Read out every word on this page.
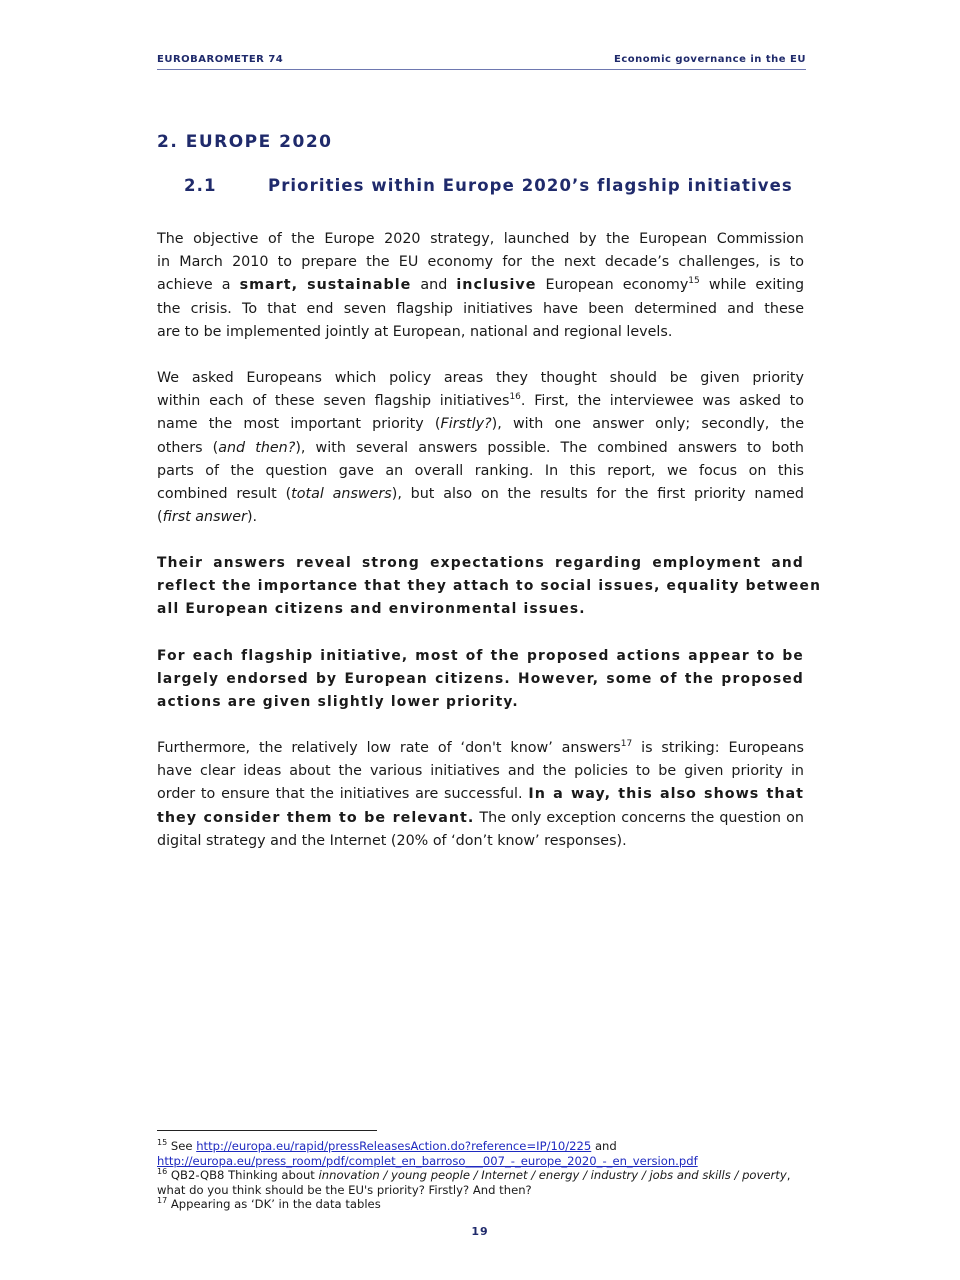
EUROBAROMETER 74	Economic governance in the EU
2. EUROPE 2020
2.1	Priorities within Europe 2020’s flagship initiatives

The objective of the Europe 2020 strategy, launched by the European Commission
in March 2010 to prepare the EU economy for the next decade’s challenges, is to
achieve a smart, sustainable and inclusive European economy$^{15}$ while exiting
the crisis. To that end seven flagship initiatives have been determined and these
are to be implemented jointly at European, national and regional levels.

We asked Europeans which policy areas they thought should be given priority
within each of these seven flagship initiatives$^{16}$. First, the interviewee was asked to
name the most important priority (Firstly?), with one answer only; secondly, the
others (and then?), with several answers possible. The combined answers to both
parts of the question gave an overall ranking. In this report, we focus on this
combined result (total answers), but also on the results for the first priority named
(first answer).

Their answers reveal strong expectations regarding employment and
reflect the importance that they attach to social issues, equality between
all European citizens and environmental issues.

For each flagship initiative, most of the proposed actions appear to be
largely endorsed by European citizens. However, some of the proposed
actions are given slightly lower priority.

Furthermore, the relatively low rate of ‘don't know’ answers$^{17}$ is striking: Europeans
have clear ideas about the various initiatives and the policies to be given priority in
order to ensure that the initiatives are successful. In a way, this also shows that
they consider them to be relevant. The only exception concerns the question on
digital strategy and the Internet (20% of ‘don’t know’ responses).

$^{15}$ See http://europa.eu/rapid/pressReleasesAction.do?reference=IP/10/225 and
http://europa.eu/press_room/pdf/complet_en_barroso___007_-_europe_2020_-_en_version.pdf
$^{16}$ QB2-QB8 Thinking about innovation / young people / Internet / energy / industry / jobs and skills / poverty, what do you think should be the EU's priority? Firstly? And then?
$^{17}$ Appearing as ‘DK’ in the data tables
19
